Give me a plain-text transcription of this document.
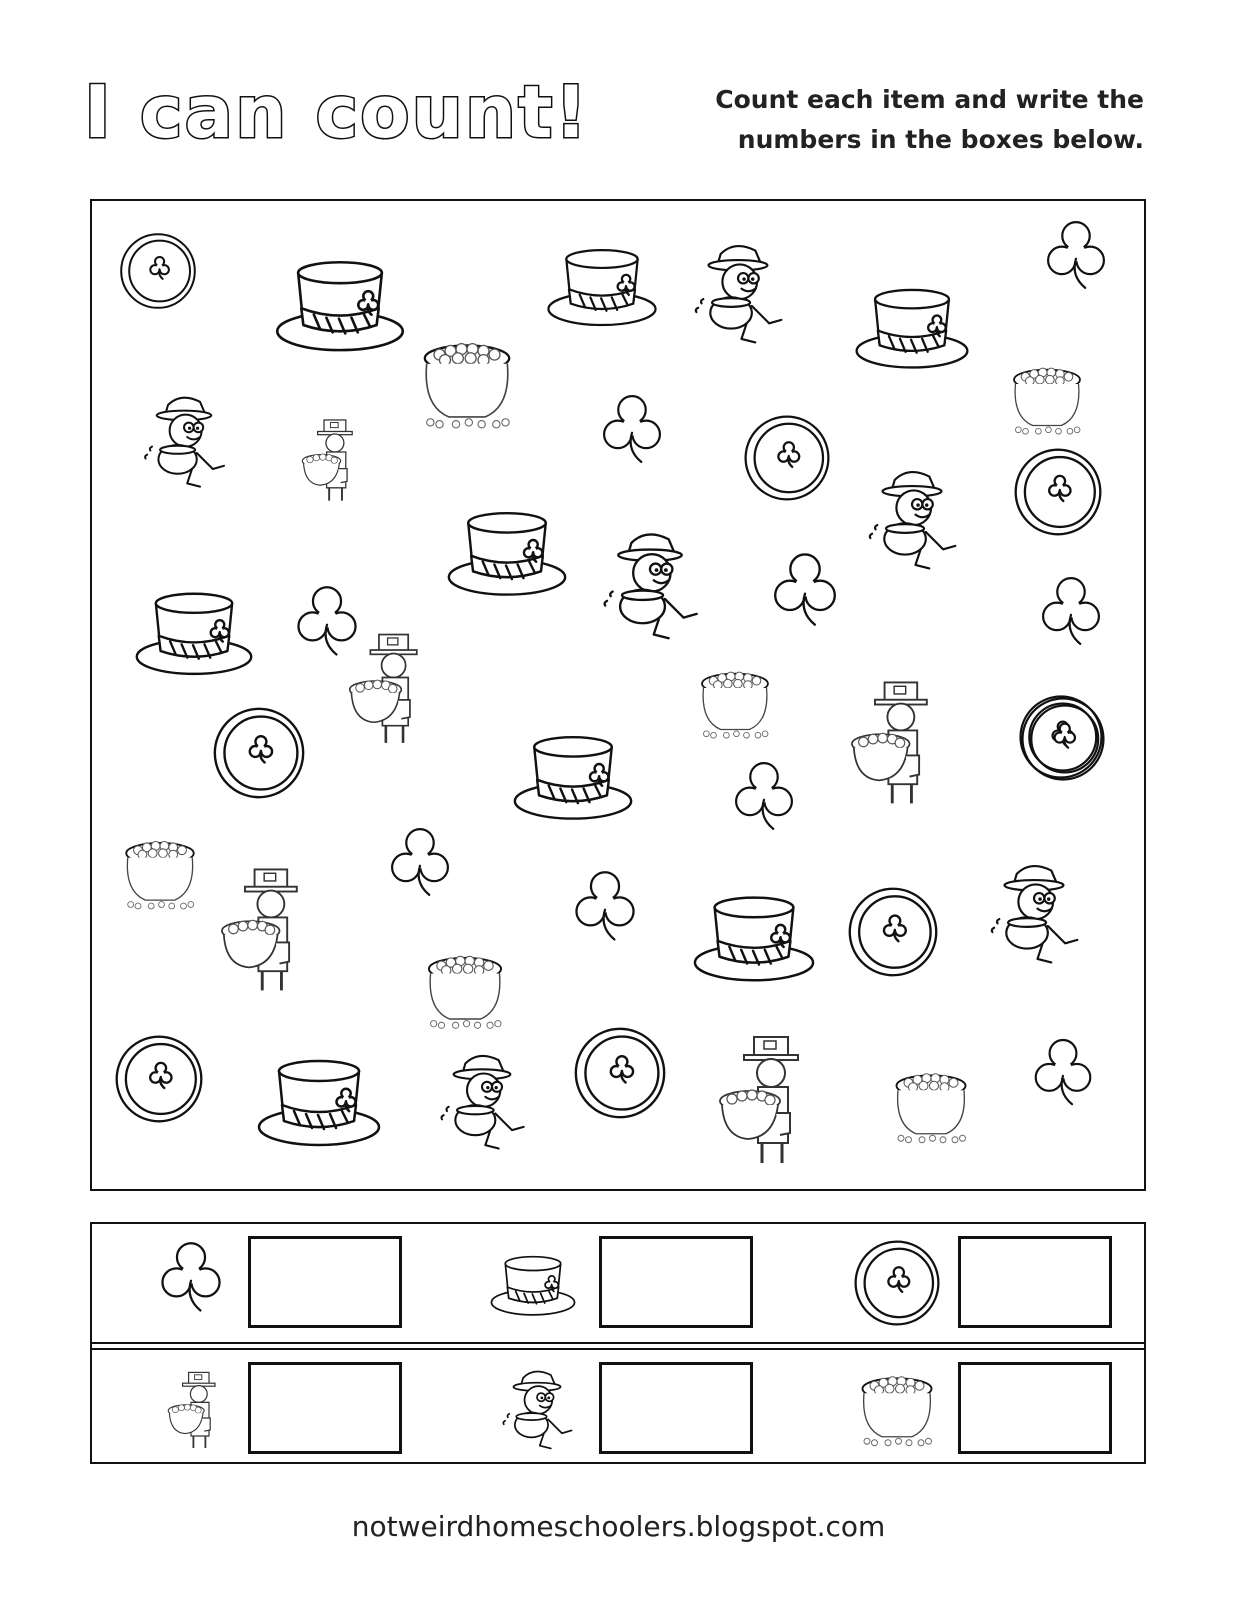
I can count!	Count each item and write the numbers in the boxes below.
notweirdhomeschoolers.blogspot.com
